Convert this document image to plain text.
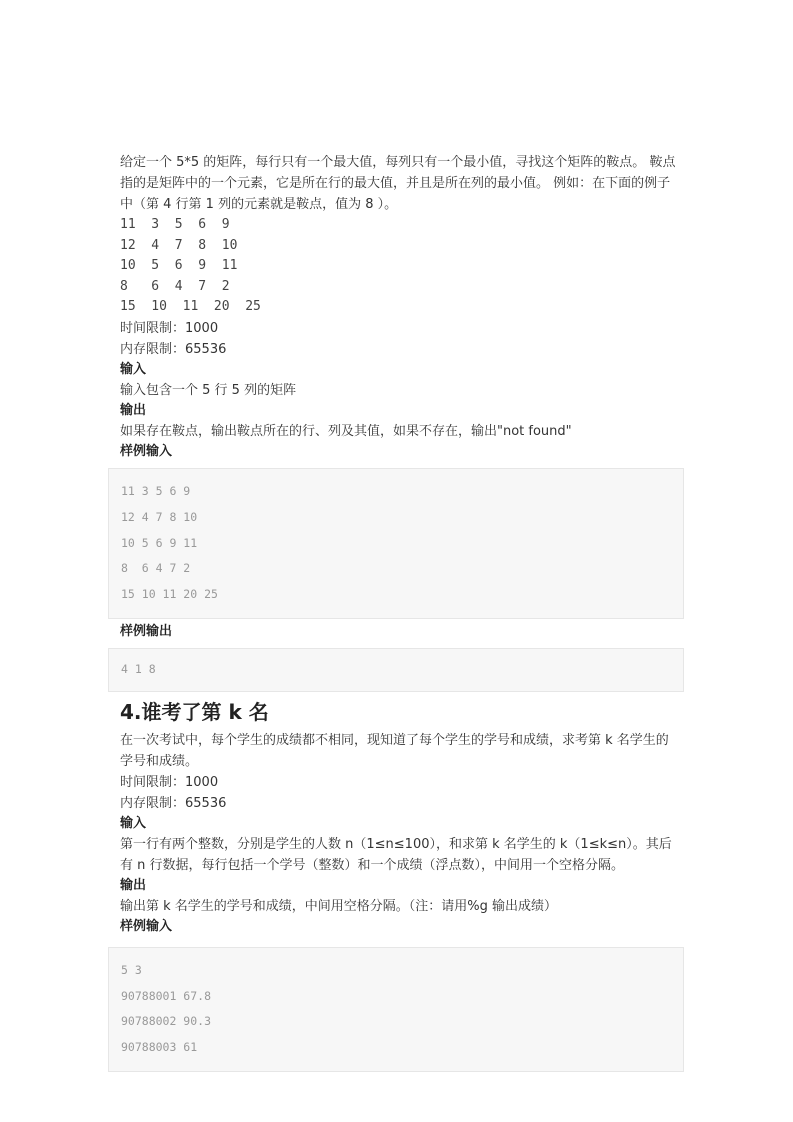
给定一个 5*5 的矩阵，每行只有一个最大值，每列只有一个最小值，寻找这个矩阵的鞍点。 鞍点指的是矩阵中的一个元素，它是所在行的最大值，并且是所在列的最小值。 例如：在下面的例子中（第 4 行第 1 列的元素就是鞍点，值为 8 ）。

11  3  5  6  9

12  4  7  8  10

10  5  6  9  11

8   6  4  7  2

15  10  11  20  25

时间限制：1000

内存限制：65536

输入

输入包含一个 5 行 5 列的矩阵

输出

如果存在鞍点，输出鞍点所在的行、列及其值，如果不存在，输出"not found"

样例输入

11 3 5 6 9

12 4 7 8 10

10 5 6 9 11

8  6 4 7 2

15 10 11 20 25

样例输出

4 1 8

4.谁考了第 k 名

在一次考试中，每个学生的成绩都不相同，现知道了每个学生的学号和成绩，求考第 k 名学生的学号和成绩。

时间限制：1000

内存限制：65536

输入

第一行有两个整数，分别是学生的人数 n（1≤n≤100），和求第 k 名学生的 k（1≤k≤n）。其后有 n 行数据，每行包括一个学号（整数）和一个成绩（浮点数），中间用一个空格分隔。

输出

输出第 k 名学生的学号和成绩，中间用空格分隔。（注：请用%g 输出成绩）

样例输入

5 3

90788001 67.8

90788002 90.3

90788003 61
